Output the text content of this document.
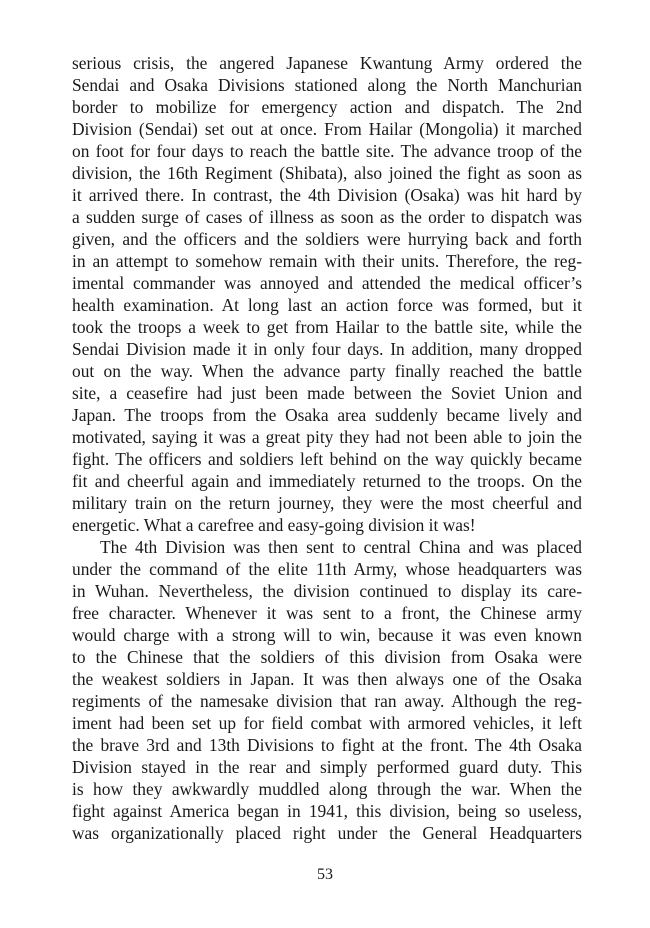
serious crisis, the angered Japanese Kwantung Army ordered the
Sendai and Osaka Divisions stationed along the North Manchurian
border to mobilize for emergency action and dispatch. The 2nd
Division (Sendai) set out at once. From Hailar (Mongolia) it marched
on foot for four days to reach the battle site. The advance troop of the
division, the 16th Regiment (Shibata), also joined the fight as soon as
it arrived there. In contrast, the 4th Division (Osaka) was hit hard by
a sudden surge of cases of illness as soon as the order to dispatch was
given, and the officers and the soldiers were hurrying back and forth
in an attempt to somehow remain with their units. Therefore, the reg-
imental commander was annoyed and attended the medical officer’s
health examination. At long last an action force was formed, but it
took the troops a week to get from Hailar to the battle site, while the
Sendai Division made it in only four days. In addition, many dropped
out on the way. When the advance party finally reached the battle
site, a ceasefire had just been made between the Soviet Union and
Japan. The troops from the Osaka area suddenly became lively and
motivated, saying it was a great pity they had not been able to join the
fight. The officers and soldiers left behind on the way quickly became
fit and cheerful again and immediately returned to the troops. On the
military train on the return journey, they were the most cheerful and
energetic. What a carefree and easy-going division it was!
The 4th Division was then sent to central China and was placed
under the command of the elite 11th Army, whose headquarters was
in Wuhan. Nevertheless, the division continued to display its care-
free character. Whenever it was sent to a front, the Chinese army
would charge with a strong will to win, because it was even known
to the Chinese that the soldiers of this division from Osaka were
the weakest soldiers in Japan. It was then always one of the Osaka
regiments of the namesake division that ran away. Although the reg-
iment had been set up for field combat with armored vehicles, it left
the brave 3rd and 13th Divisions to fight at the front. The 4th Osaka
Division stayed in the rear and simply performed guard duty. This
is how they awkwardly muddled along through the war. When the
fight against America began in 1941, this division, being so useless,
was organizationally placed right under the General Headquarters
53
